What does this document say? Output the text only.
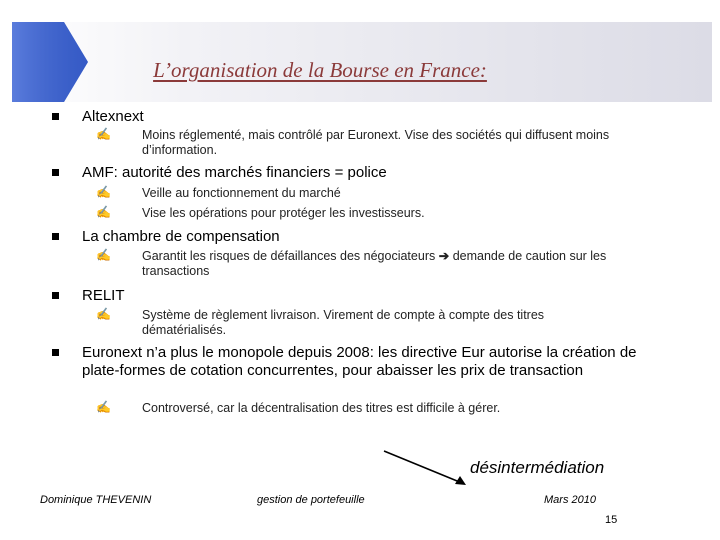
L’organisation de la Bourse en France:
Altexnext
✍ Moins réglementé, mais contrôlé par Euronext. Vise des sociétés qui diffusent moins d’information.
AMF: autorité des marchés financiers = police
✍ Veille au fonctionnement du marché
✍ Vise les opérations pour protéger les investisseurs.
La chambre de compensation
✍ Garantit les risques de défaillances des négociateurs ➔ demande de caution sur les transactions
RELIT
✍ Système de règlement livraison. Virement de compte à compte des titres dématérialisés.
Euronext n’a plus le monopole depuis 2008: les directive Eur autorise la création de plate-formes de cotation concurrentes, pour abaisser les prix de transaction
✍ Controversé, car la décentralisation des titres est difficile à gérer.
désintermédiation
Dominique THEVENIN	gestion de portefeuille	Mars 2010
15
